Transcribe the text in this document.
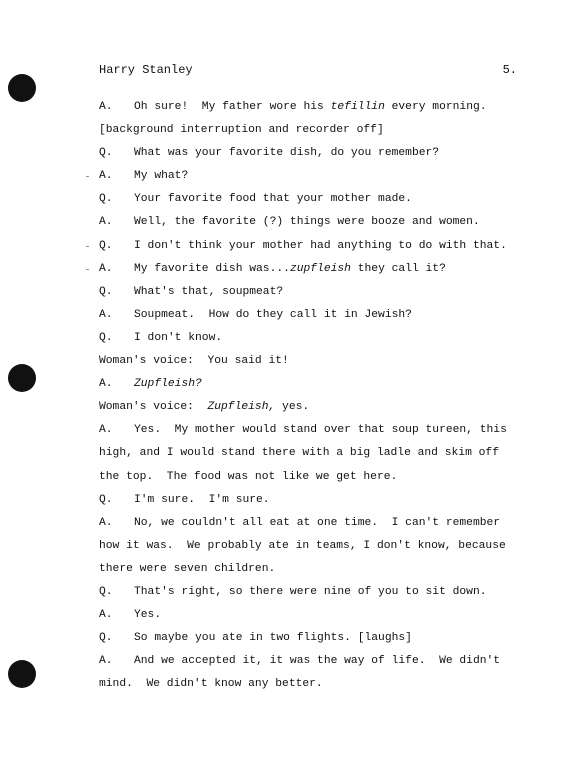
Harry Stanley	5.
A. Oh sure!  My father wore his tefillin every morning.
[background interruption and recorder off]
Q. What was your favorite dish, do you remember?
A. My what?
Q. Your favorite food that your mother made.
A. Well, the favorite (?) things were booze and women.
Q. I don't think your mother had anything to do with that.
A. My favorite dish was...zupfleish they call it?
Q. What's that, soupmeat?
A. Soupmeat.  How do they call it in Jewish?
Q. I don't know.
Woman's voice:  You said it!
A. Zupfleish?
Woman's voice:  Zupfleish, yes.
A. Yes.  My mother would stand over that soup tureen, this
high, and I would stand there with a big ladle and skim off
the top.  The food was not like we get here.
Q. I'm sure.  I'm sure.
A. No, we couldn't all eat at one time.  I can't remember
how it was.  We probably ate in teams, I don't know, because
there were seven children.
Q. That's right, so there were nine of you to sit down.
A. Yes.
Q. So maybe you ate in two flights. [laughs]
A. And we accepted it, it was the way of life.  We didn't
mind.  We didn't know any better.
